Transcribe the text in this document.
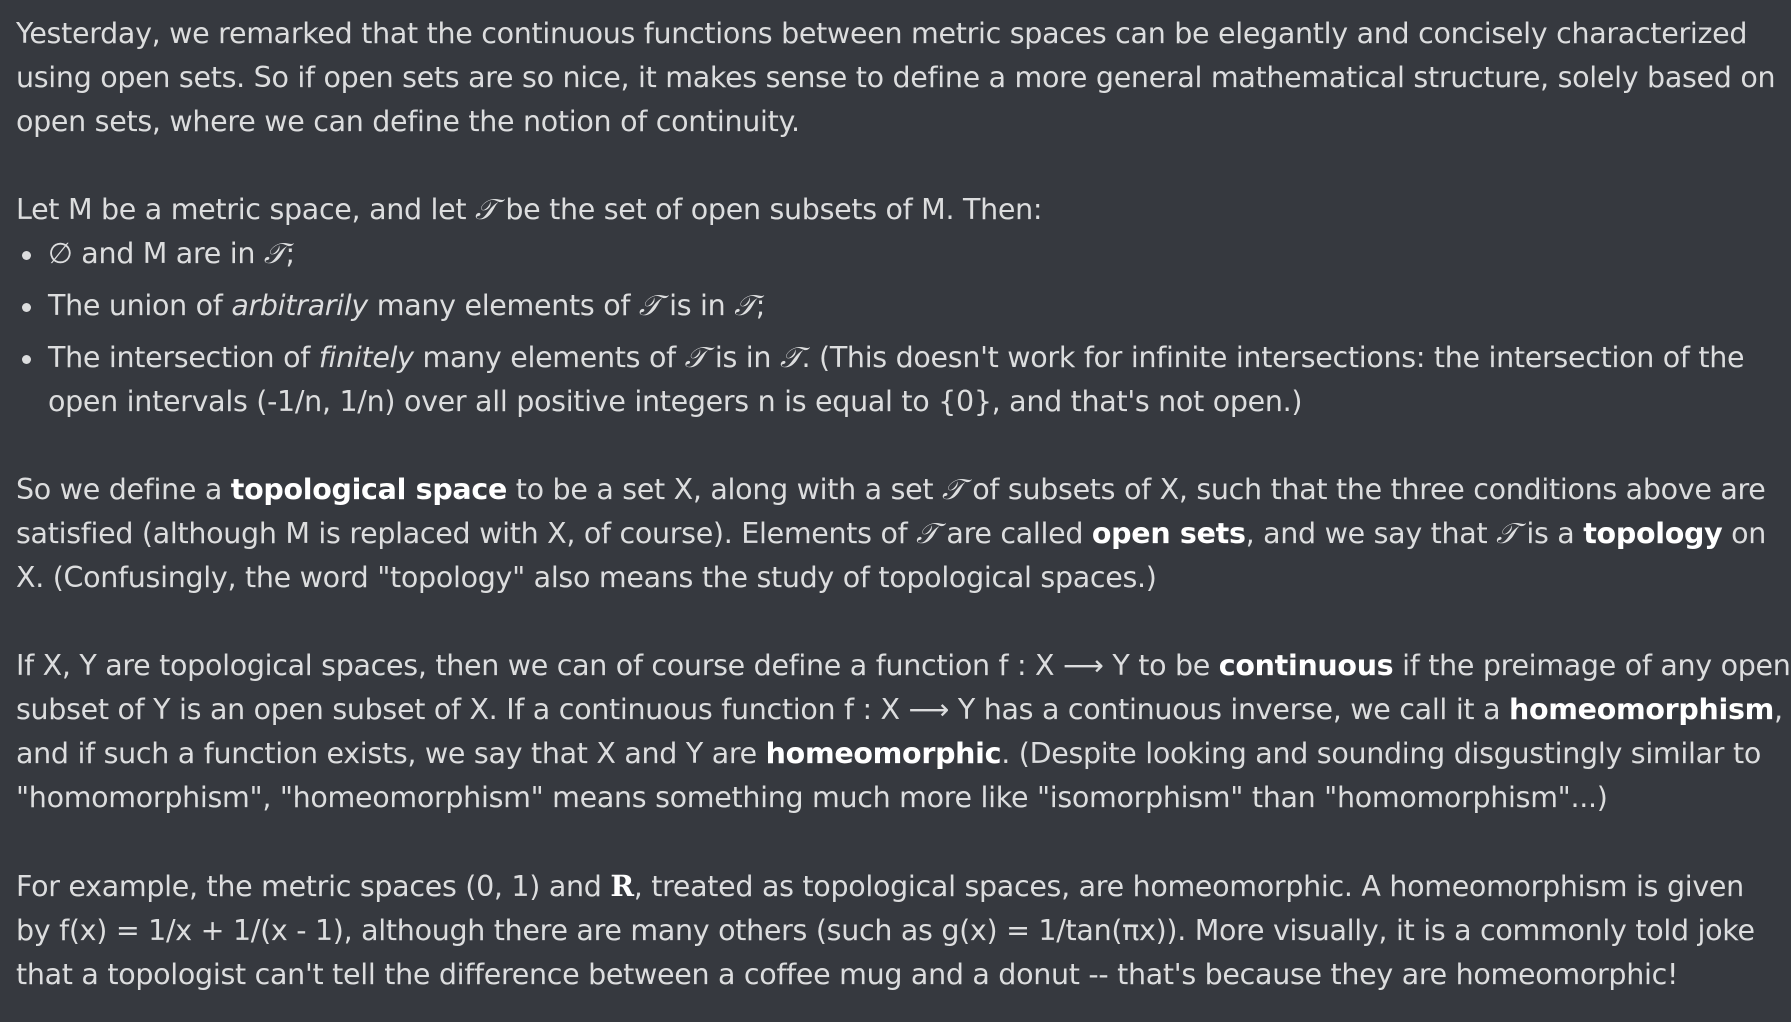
Yesterday, we remarked that the continuous functions between metric spaces can be elegantly and concisely characterized
using open sets. So if open sets are so nice, it makes sense to define a more general mathematical structure, solely based on
open sets, where we can define the notion of continuity.

Let M be a metric space, and let 𝒯 be the set of open subsets of M. Then:

∅ and M are in 𝒯;
The union of arbitrarily many elements of 𝒯 is in 𝒯;
The intersection of finitely many elements of 𝒯 is in 𝒯. (This doesn't work for infinite intersections: the intersection of the
open intervals (-1/n, 1/n) over all positive integers n is equal to {0}, and that's not open.)

So we define a topological space to be a set X, along with a set 𝒯 of subsets of X, such that the three conditions above are
satisfied (although M is replaced with X, of course). Elements of 𝒯 are called open sets, and we say that 𝒯 is a topology on
X. (Confusingly, the word "topology" also means the study of topological spaces.)

If X, Y are topological spaces, then we can of course define a function f : X ⟶ Y to be continuous if the preimage of any open
subset of Y is an open subset of X. If a continuous function f : X ⟶ Y has a continuous inverse, we call it a homeomorphism,
and if such a function exists, we say that X and Y are homeomorphic. (Despite looking and sounding disgustingly similar to
"homomorphism", "homeomorphism" means something much more like "isomorphism" than "homomorphism"...)

For example, the metric spaces (0, 1) and R, treated as topological spaces, are homeomorphic. A homeomorphism is given
by f(x) = 1/x + 1/(x - 1), although there are many others (such as g(x) = 1/tan(πx)). More visually, it is a commonly told joke
that a topologist can't tell the difference between a coffee mug and a donut -- that's because they are homeomorphic!
